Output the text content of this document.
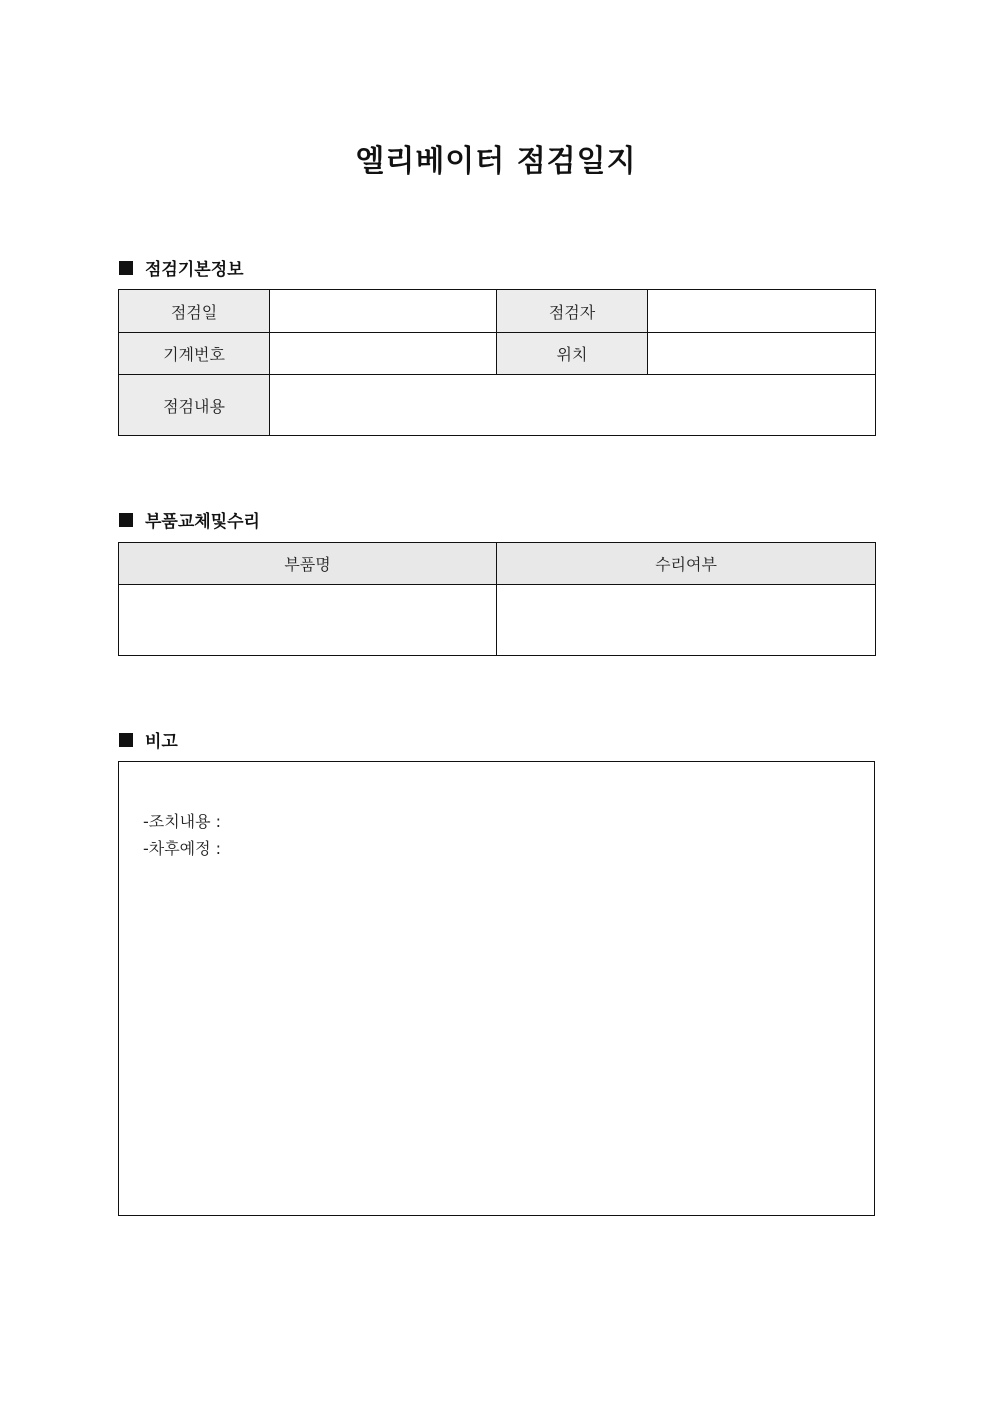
엘리베이터 점검일지
점검기본정보
점검일		점검자	
기계번호		위치	
점검내용			
부품교체및수리
부품명	수리여부

비고
-조치내용 :
-차후예정 :
